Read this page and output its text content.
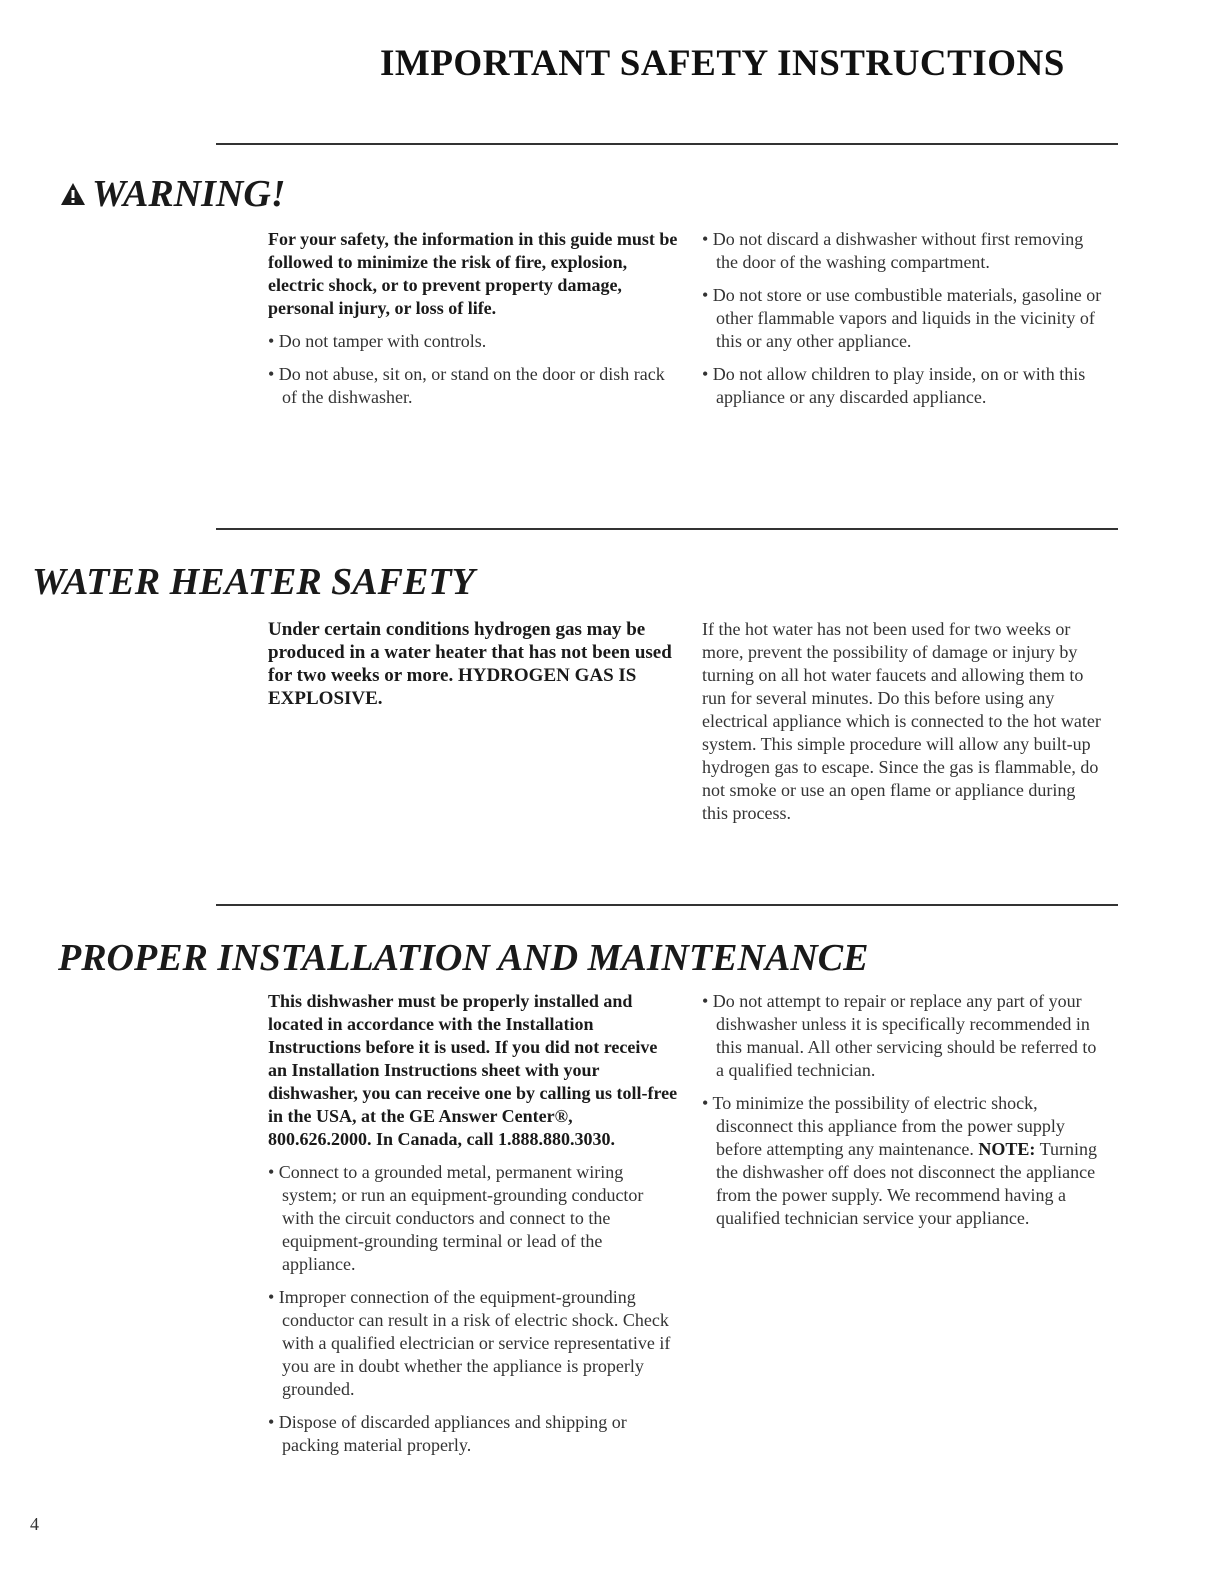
IMPORTANT SAFETY INSTRUCTIONS
WARNING!

For your safety, the information in this guide must be followed to minimize the risk of fire, explosion, electric shock, or to prevent property damage, personal injury, or loss of life.

• Do not tamper with controls.

• Do not abuse, sit on, or stand on the door or dish rack of the dishwasher.

• Do not discard a dishwasher without first removing the door of the washing compartment.

• Do not store or use combustible materials, gasoline or other flammable vapors and liquids in the vicinity of this or any other appliance.

• Do not allow children to play inside, on or with this appliance or any discarded appliance.

WATER HEATER SAFETY

Under certain conditions hydrogen gas may be produced in a water heater that has not been used for two weeks or more. HYDROGEN GAS IS EXPLOSIVE.

If the hot water has not been used for two weeks or more, prevent the possibility of damage or injury by turning on all hot water faucets and allowing them to run for several minutes. Do this before using any electrical appliance which is connected to the hot water system. This simple procedure will allow any built-up hydrogen gas to escape. Since the gas is flammable, do not smoke or use an open flame or appliance during this process.

PROPER INSTALLATION AND MAINTENANCE

This dishwasher must be properly installed and located in accordance with the Installation Instructions before it is used. If you did not receive an Installation Instructions sheet with your dishwasher, you can receive one by calling us toll-free in the USA, at the GE Answer Center®, 800.626.2000. In Canada, call 1.888.880.3030.

• Connect to a grounded metal, permanent wiring system; or run an equipment-grounding conductor with the circuit conductors and connect to the equipment-grounding terminal or lead of the appliance.

• Improper connection of the equipment-grounding conductor can result in a risk of electric shock. Check with a qualified electrician or service representative if you are in doubt whether the appliance is properly grounded.

• Dispose of discarded appliances and shipping or packing material properly.

• Do not attempt to repair or replace any part of your dishwasher unless it is specifically recommended in this manual. All other servicing should be referred to a qualified technician.

• To minimize the possibility of electric shock, disconnect this appliance from the power supply before attempting any maintenance. NOTE: Turning the dishwasher off does not disconnect the appliance from the power supply. We recommend having a qualified technician service your appliance.

4
